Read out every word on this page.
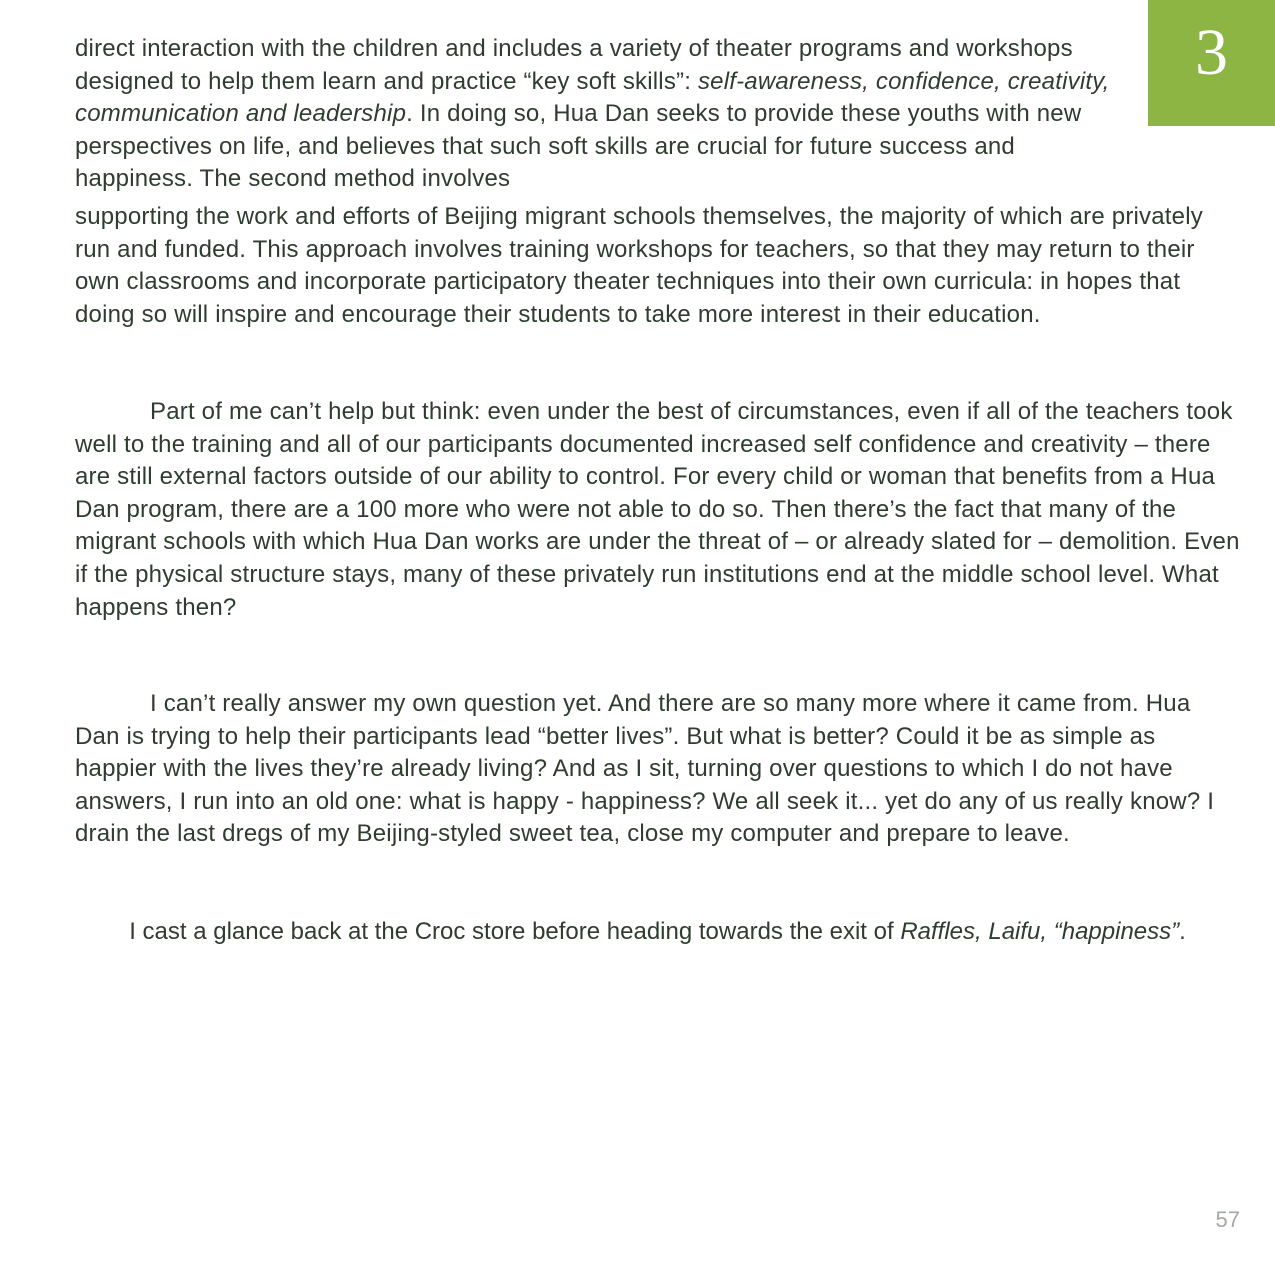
3

direct interaction with the children and includes a variety of theater programs and workshops designed to help them learn and practice “key soft skills”: self-awareness, confidence, creativity, communication and leadership. In doing so, Hua Dan seeks to provide these youths with new perspectives on life, and believes that such soft skills are crucial for future success and happiness. The second method involves

supporting the work and efforts of Beijing migrant schools themselves, the majority of which are privately run and funded. This approach involves training workshops for teachers, so that they may return to their own classrooms and incorporate participatory theater techniques into their own curricula: in hopes that doing so will inspire and encourage their students to take more interest in their education.

Part of me can’t help but think: even under the best of circumstances, even if all of the teachers took well to the training and all of our participants documented increased self confidence and creativity – there are still external factors outside of our ability to control. For every child or woman that benefits from a Hua Dan program, there are a 100 more who were not able to do so. Then there’s the fact that many of the migrant schools with which Hua Dan works are under the threat of – or already slated for – demolition. Even if the physical structure stays, many of these privately run institutions end at the middle school level. What happens then?

I can’t really answer my own question yet. And there are so many more where it came from. Hua Dan is trying to help their participants lead “better lives”. But what is better? Could it be as simple as happier with the lives they’re already living? And as I sit, turning over questions to which I do not have answers, I run into an old one: what is happy - happiness? We all seek it... yet do any of us really know? I drain the last dregs of my Beijing-styled sweet tea, close my computer and prepare to leave.

I cast a glance back at the Croc store before heading towards the exit of Raffles, Laifu, “happiness”.

57
